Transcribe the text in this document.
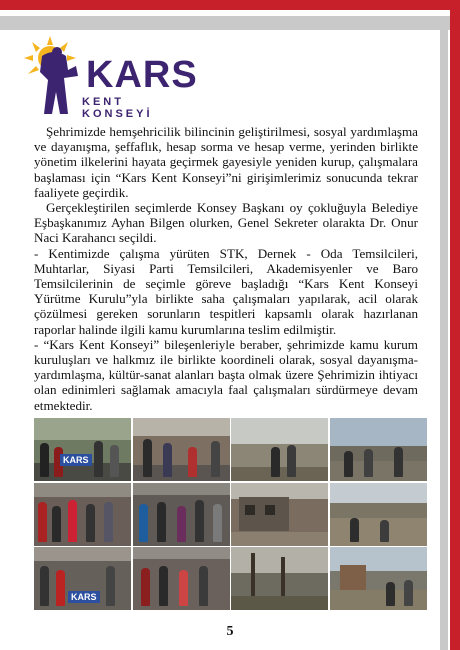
KARS
KENT KONSEYİ

Şehrimizde hemşehricilik bilincinin geliştirilmesi, sosyal yardımlaşma ve dayanışma, şeffaflık, hesap sorma ve hesap verme, yerinden birlikte yönetim ilkelerini hayata geçirmek gayesiyle yeniden kurup, çalışmalara başlaması için “Kars Kent Konseyi”ni girişimlerimiz sonucunda tekrar faaliyete geçirdik.

Gerçekleştirilen seçimlerde Konsey Başkanı oy çokluğuyla Belediye Eşbaşkanımız Ayhan Bilgen olurken, Genel Sekreter olarakta Dr. Onur Naci Karahancı seçildi.

- Kentimizde çalışma yürüten STK, Dernek - Oda Temsilcileri, Muhtarlar, Siyasi Parti Temsilcileri, Akademisyenler ve Baro Temsilcilerinin de seçimle göreve başladığı “Kars Kent Konseyi Yürütme Kurulu”yla birlikte saha çalışmaları yapılarak, acil olarak çözülmesi gereken sorunların tespitleri kapsamlı olarak hazırlanan raporlar halinde ilgili kamu kurumlarına teslim edilmiştir.

- “Kars Kent Konseyi” bileşenleriyle beraber, şehrimizde kamu kurum kuruluşları ve halkmız ile birlikte koordineli olarak, sosyal dayanışma-yardımlaşma, kültür-sanat alanları başta olmak üzere Şehrimizin ihtiyacı olan edinimleri sağlamak amacıyla faal çalışmaları sürdürmeye devam etmektedir.

KARS
KARS
5
